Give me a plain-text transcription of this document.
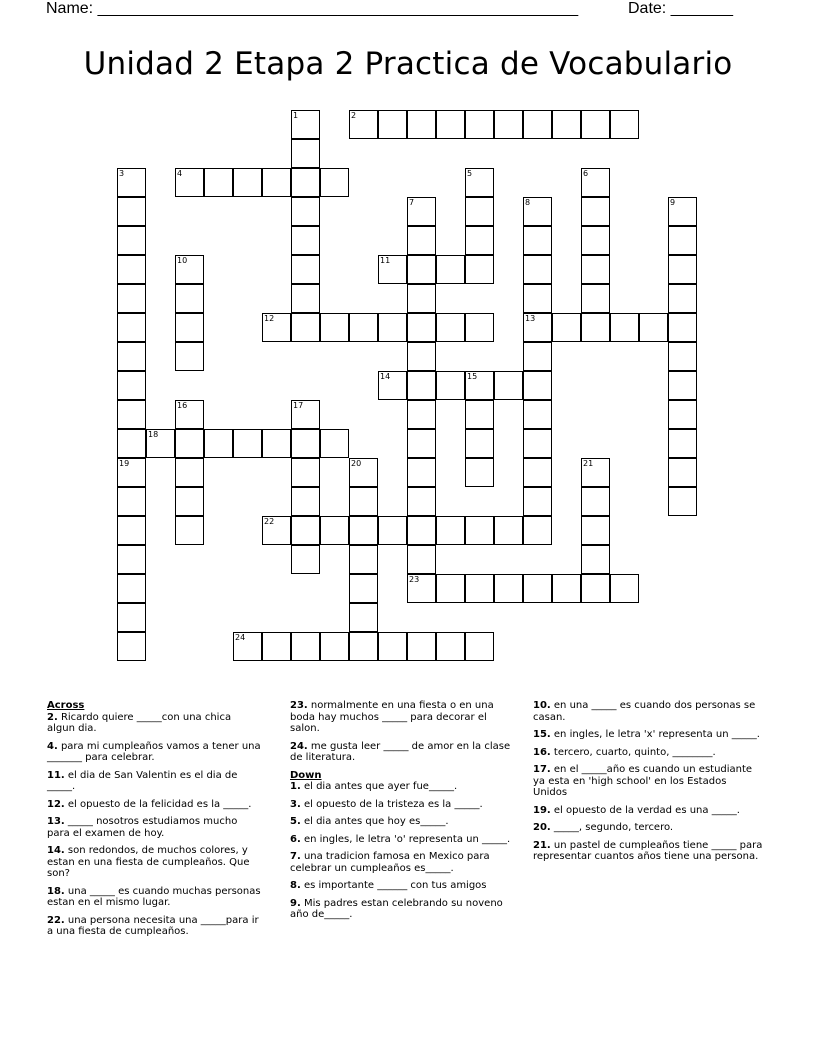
Name: ______________________________________________________	Date: _______
Unidad 2 Etapa 2 Practica de Vocabulario
1	2
3	4	5	6
7	8	9
10	11
12	13
14	15
16	17
18
19	20	21
22
23
24

Across

2. Ricardo quiere _____con una chica algun dia.

4. para mi cumpleaños vamos a tener una _______ para celebrar.

11. el dia de San Valentin es el dia de _____.

12. el opuesto de la felicidad es la _____.

13. _____ nosotros estudiamos mucho para el examen de hoy.

14. son redondos, de muchos colores, y estan en una fiesta de cumpleaños. Que son?

18. una _____ es cuando muchas personas estan en el mismo lugar.

22. una persona necesita una _____para ir a una fiesta de cumpleaños.

23. normalmente en una fiesta o en una boda hay muchos _____ para decorar el salon.

24. me gusta leer _____ de amor en la clase de literatura.

Down

1. el dia antes que ayer fue_____.

3. el opuesto de la tristeza es la _____.

5. el dia antes que hoy es_____.

6. en ingles, le letra 'o' representa un _____.

7. una tradicion famosa en Mexico para celebrar un cumpleaños es_____.

8. es importante ______ con tus amigos

9. Mis padres estan celebrando su noveno año de_____.

10. en una _____ es cuando dos personas se casan.

15. en ingles, le letra 'x' representa un _____.

16. tercero, cuarto, quinto, ________.

17. en el _____año es cuando un estudiante ya esta en 'high school' en los Estados Unidos

19. el opuesto de la verdad es una _____.

20. _____, segundo, tercero.

21. un pastel de cumpleaños tiene _____ para representar cuantos años tiene una persona.
